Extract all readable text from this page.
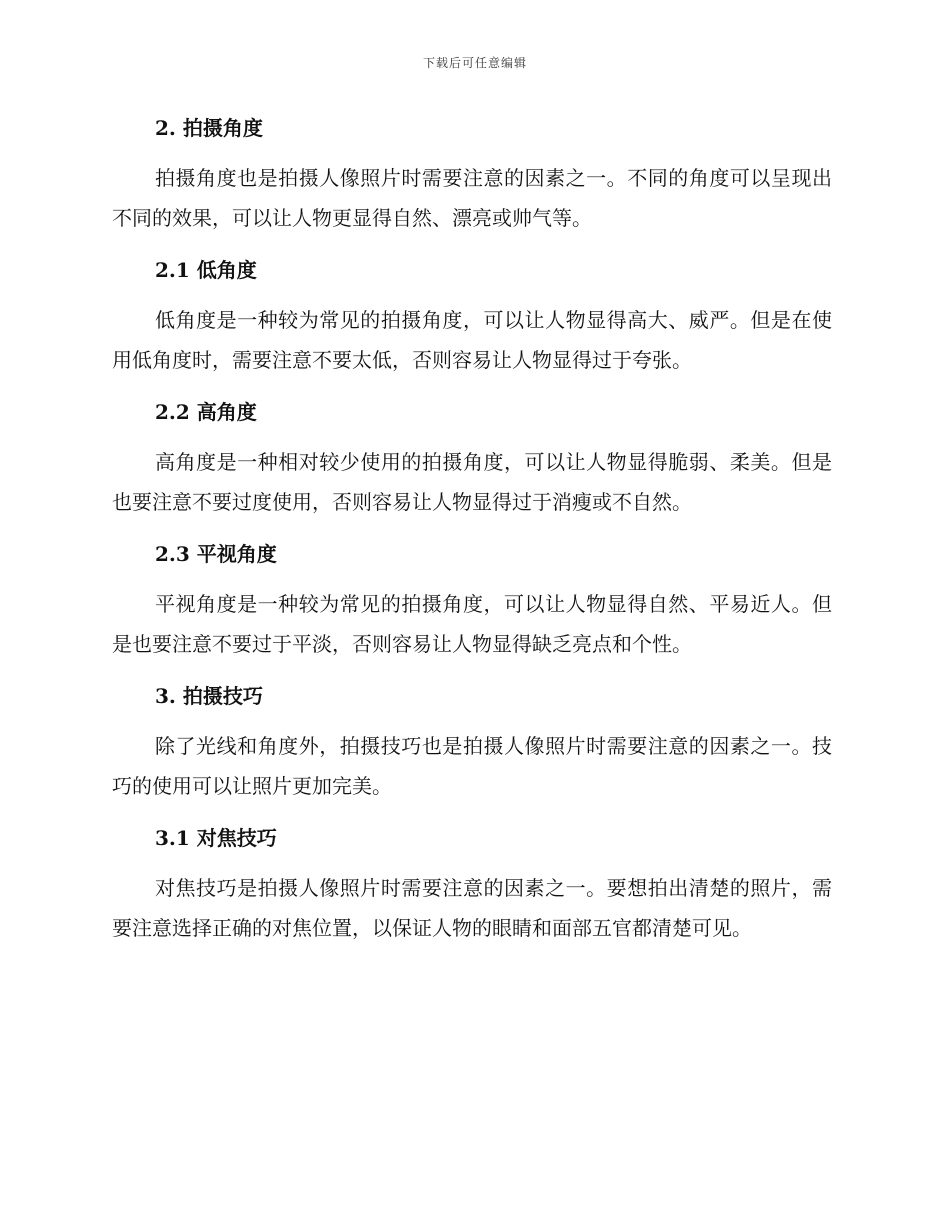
下载后可任意编辑
2. 拍摄角度

拍摄角度也是拍摄人像照片时需要注意的因素之一。不同的角度可以呈现出不同的效果，可以让人物更显得自然、漂亮或帅气等。

2.1 低角度

低角度是一种较为常见的拍摄角度，可以让人物显得高大、威严。但是在使用低角度时，需要注意不要太低，否则容易让人物显得过于夸张。

2.2 高角度

高角度是一种相对较少使用的拍摄角度，可以让人物显得脆弱、柔美。但是也要注意不要过度使用，否则容易让人物显得过于消瘦或不自然。

2.3 平视角度

平视角度是一种较为常见的拍摄角度，可以让人物显得自然、平易近人。但是也要注意不要过于平淡，否则容易让人物显得缺乏亮点和个性。

3. 拍摄技巧

除了光线和角度外，拍摄技巧也是拍摄人像照片时需要注意的因素之一。技巧的使用可以让照片更加完美。

3.1 对焦技巧

对焦技巧是拍摄人像照片时需要注意的因素之一。要想拍出清楚的照片，需要注意选择正确的对焦位置，以保证人物的眼睛和面部五官都清楚可见。
